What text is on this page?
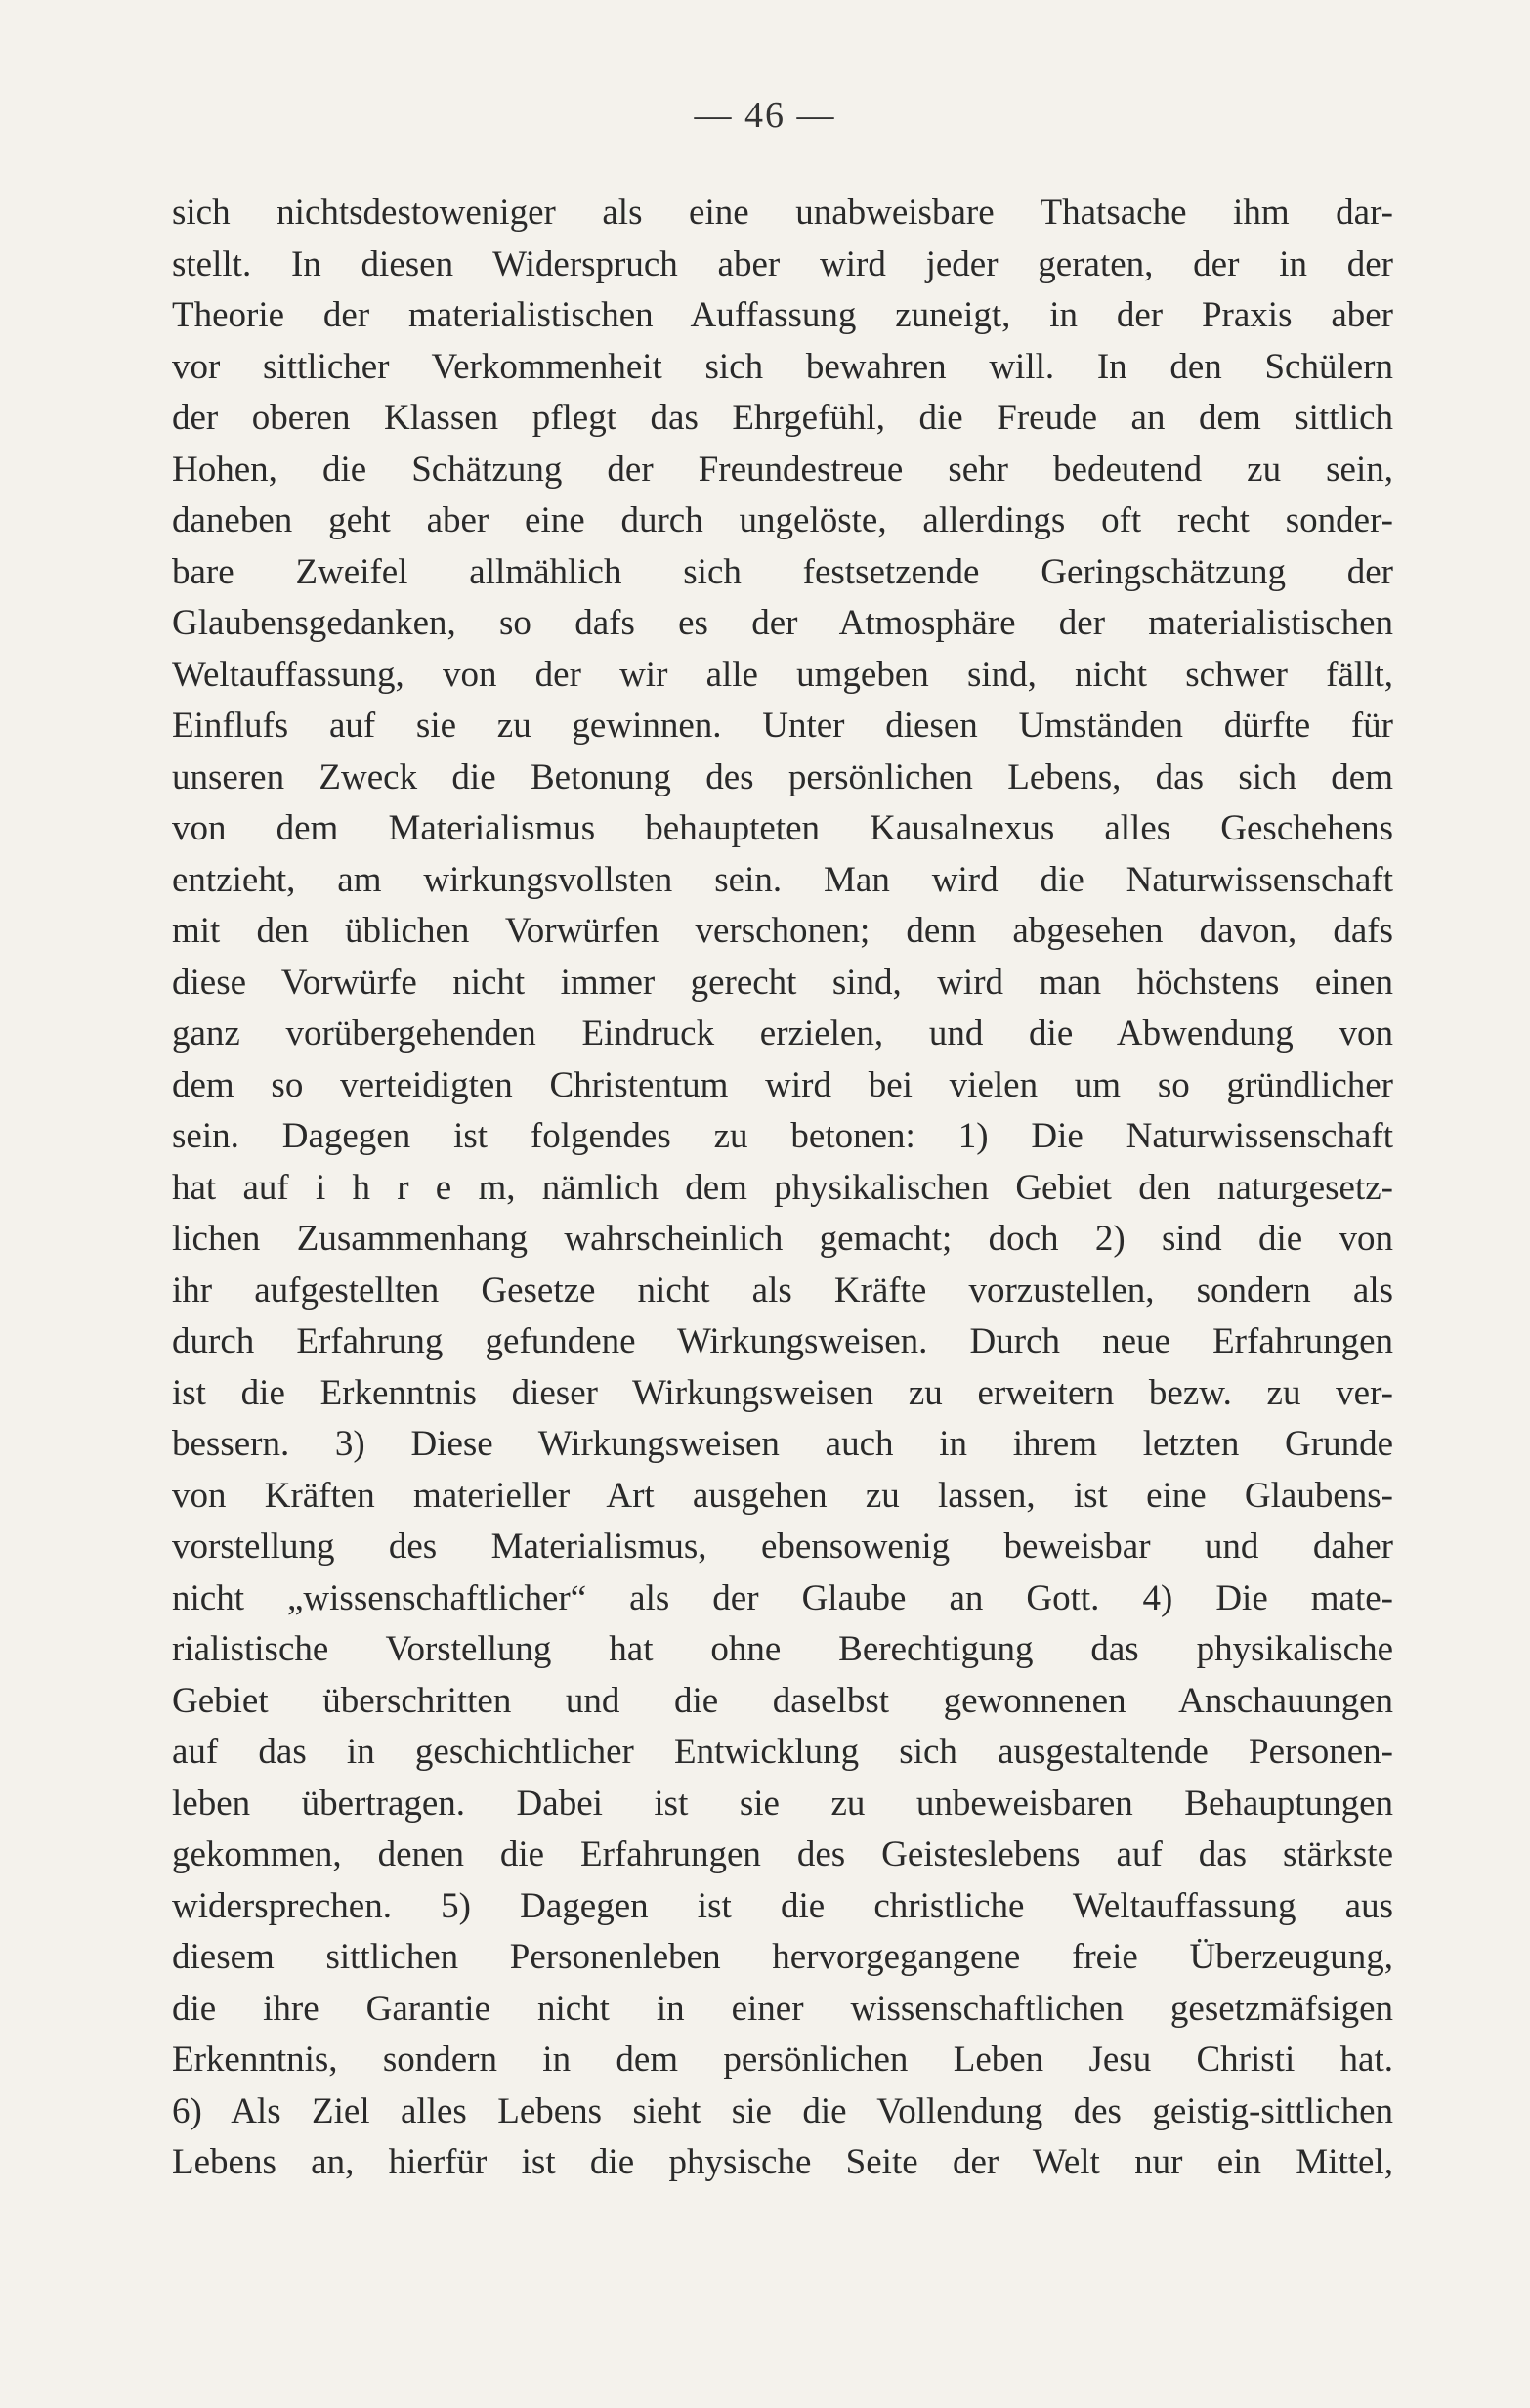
— 46 —
sich nichtsdestoweniger als eine unabweisbare Thatsache ihm dar-
stellt. In diesen Widerspruch aber wird jeder geraten, der in der
Theorie der materialistischen Auffassung zuneigt, in der Praxis aber
vor sittlicher Verkommenheit sich bewahren will. In den Schülern
der oberen Klassen pflegt das Ehrgefühl, die Freude an dem sittlich
Hohen, die Schätzung der Freundestreue sehr bedeutend zu sein,
daneben geht aber eine durch ungelöste, allerdings oft recht sonder-
bare Zweifel allmählich sich festsetzende Geringschätzung der
Glaubensgedanken, so dafs es der Atmosphäre der materialistischen
Weltauffassung, von der wir alle umgeben sind, nicht schwer fällt,
Einflufs auf sie zu gewinnen. Unter diesen Umständen dürfte für
unseren Zweck die Betonung des persönlichen Lebens, das sich dem
von dem Materialismus behaupteten Kausalnexus alles Geschehens
entzieht, am wirkungsvollsten sein. Man wird die Naturwissenschaft
mit den üblichen Vorwürfen verschonen; denn abgesehen davon, dafs
diese Vorwürfe nicht immer gerecht sind, wird man höchstens einen
ganz vorübergehenden Eindruck erzielen, und die Abwendung von
dem so verteidigten Christentum wird bei vielen um so gründlicher
sein. Dagegen ist folgendes zu betonen: 1) Die Naturwissenschaft
hat auf i h r e m, nämlich dem physikalischen Gebiet den naturgesetz-
lichen Zusammenhang wahrscheinlich gemacht; doch 2) sind die von
ihr aufgestellten Gesetze nicht als Kräfte vorzustellen, sondern als
durch Erfahrung gefundene Wirkungsweisen. Durch neue Erfahrungen
ist die Erkenntnis dieser Wirkungsweisen zu erweitern bezw. zu ver-
bessern. 3) Diese Wirkungsweisen auch in ihrem letzten Grunde
von Kräften materieller Art ausgehen zu lassen, ist eine Glaubens-
vorstellung des Materialismus, ebensowenig beweisbar und daher
nicht „wissenschaftlicher“ als der Glaube an Gott. 4) Die mate-
rialistische Vorstellung hat ohne Berechtigung das physikalische
Gebiet überschritten und die daselbst gewonnenen Anschauungen
auf das in geschichtlicher Entwicklung sich ausgestaltende Personen-
leben übertragen. Dabei ist sie zu unbeweisbaren Behauptungen
gekommen, denen die Erfahrungen des Geisteslebens auf das stärkste
widersprechen. 5) Dagegen ist die christliche Weltauffassung aus
diesem sittlichen Personenleben hervorgegangene freie Überzeugung,
die ihre Garantie nicht in einer wissenschaftlichen gesetzmäfsigen
Erkenntnis, sondern in dem persönlichen Leben Jesu Christi hat.
6) Als Ziel alles Lebens sieht sie die Vollendung des geistig-sittlichen
Lebens an, hierfür ist die physische Seite der Welt nur ein Mittel,
